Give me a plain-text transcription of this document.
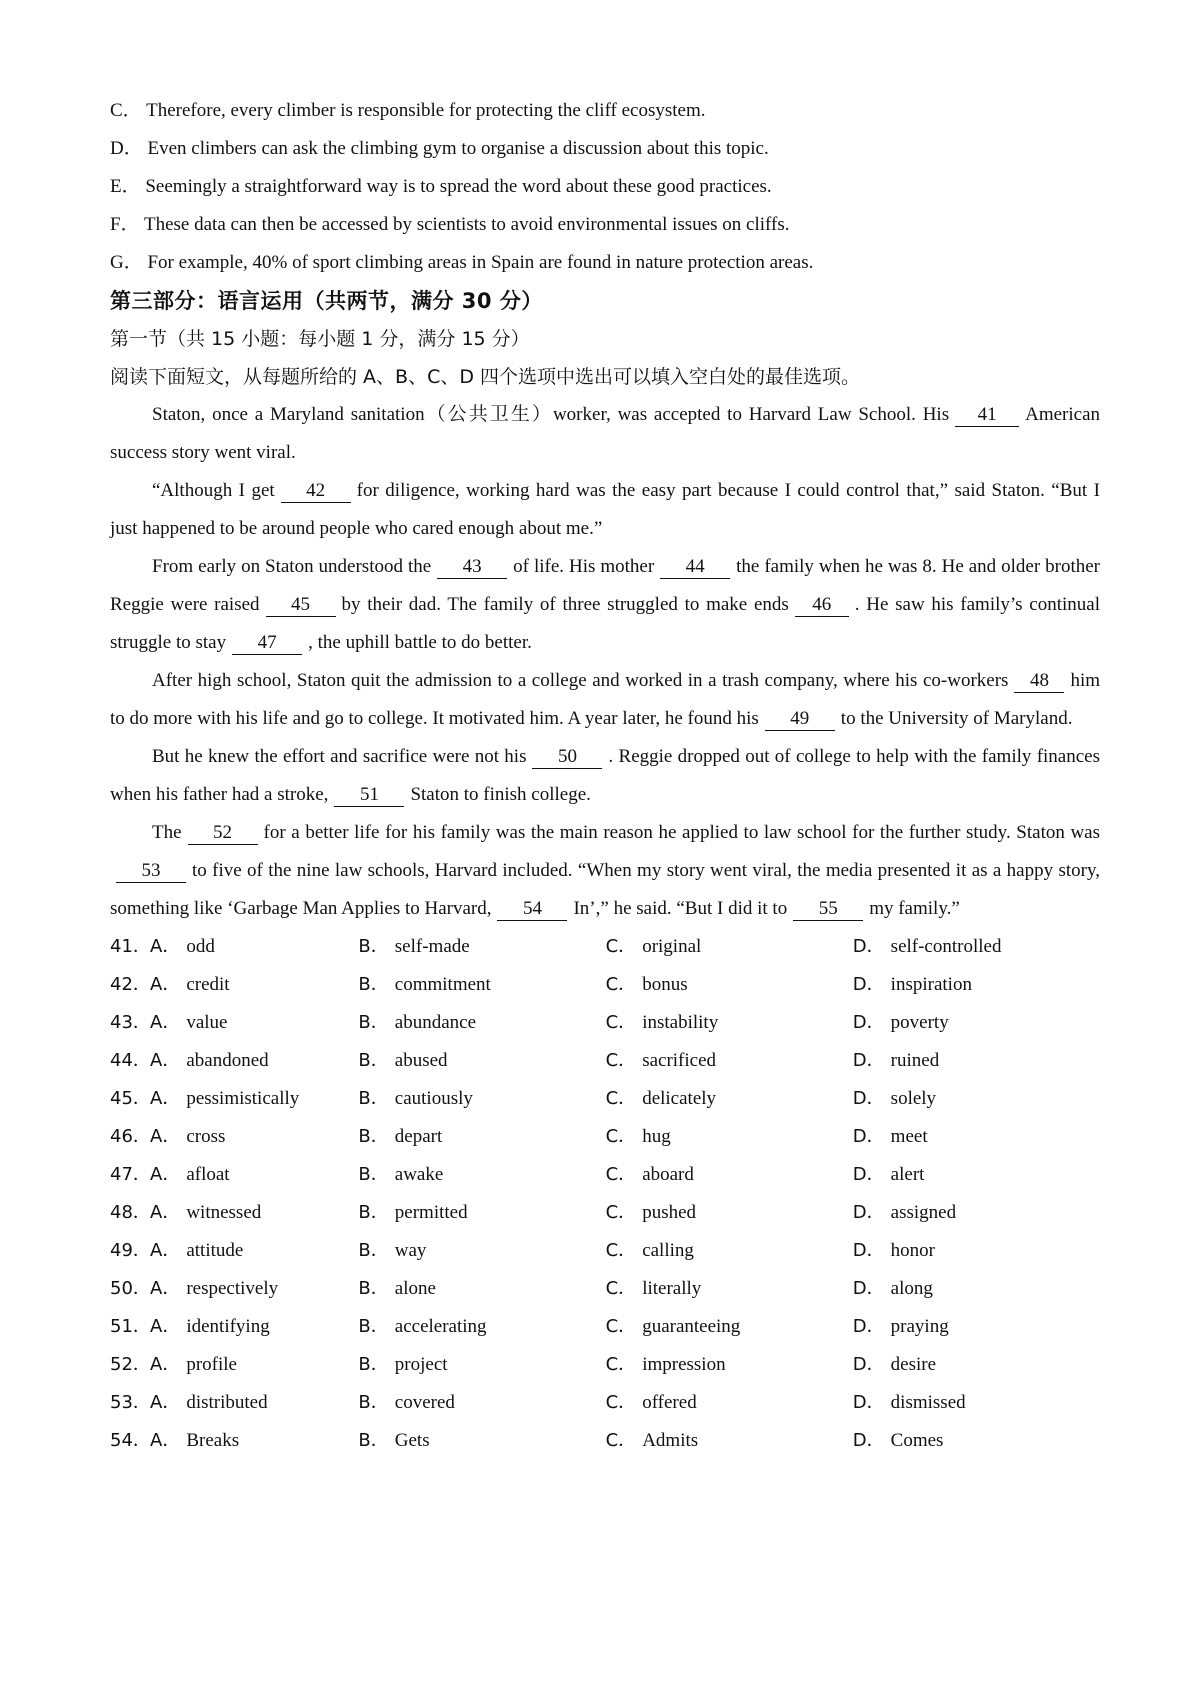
C． Therefore, every climber is responsible for protecting the cliff ecosystem.
D． Even climbers can ask the climbing gym to organise a discussion about this topic.
E． Seemingly a straightforward way is to spread the word about these good practices.
F． These data can then be accessed by scientists to avoid environmental issues on cliffs.
G． For example, 40% of sport climbing areas in Spain are found in nature protection areas.
第三部分：语言运用（共两节，满分 30 分）
第一节（共 15 小题：每小题 1 分，满分 15 分）
阅读下面短文，从每题所给的 A、B、C、D 四个选项中选出可以填入空白处的最佳选项。
Staton, once a Maryland sanitation（公共卫生）worker, was accepted to Harvard Law School. His 41 American success story went viral.
“Although I get 42 for diligence, working hard was the easy part because I could control that,” said Staton. “But I just happened to be around people who cared enough about me.”
From early on Staton understood the 43 of life. His mother 44 the family when he was 8. He and older brother Reggie were raised 45 by their dad. The family of three struggled to make ends 46 . He saw his family’s continual struggle to stay 47 , the uphill battle to do better.
After high school, Staton quit the admission to a college and worked in a trash company, where his co-workers 48 him to do more with his life and go to college. It motivated him. A year later, he found his 49 to the University of Maryland.
But he knew the effort and sacrifice were not his 50 . Reggie dropped out of college to help with the family finances when his father had a stroke, 51 Staton to finish college.
The 52 for a better life for his family was the main reason he applied to law school for the further study. Staton was53 to five of the nine law schools, Harvard included. “When my story went viral, the media presented it as a happy story, something like ‘Garbage Man Applies to Harvard, 54 In’,” he said. “But I did it to 55 my family.”
41． A． odd	B． self-made	C． original	D． self-controlled
42． A． credit	B． commitment	C． bonus	D． inspiration
43． A． value	B． abundance	C． instability	D． poverty
44． A． abandoned	B． abused	C． sacrificed	D． ruined
45． A． pessimistically	B． cautiously	C． delicately	D． solely
46． A． cross	B． depart	C． hug	D． meet
47． A． afloat	B． awake	C． aboard	D． alert
48． A． witnessed	B． permitted	C． pushed	D． assigned
49． A． attitude	B． way	C． calling	D． honor
50． A． respectively	B． alone	C． literally	D． along
51． A． identifying	B． accelerating	C． guaranteeing	D． praying
52． A． profile	B． project	C． impression	D． desire
53． A． distributed	B． covered	C． offered	D． dismissed
54． A． Breaks	B． Gets	C． Admits	D． Comes
